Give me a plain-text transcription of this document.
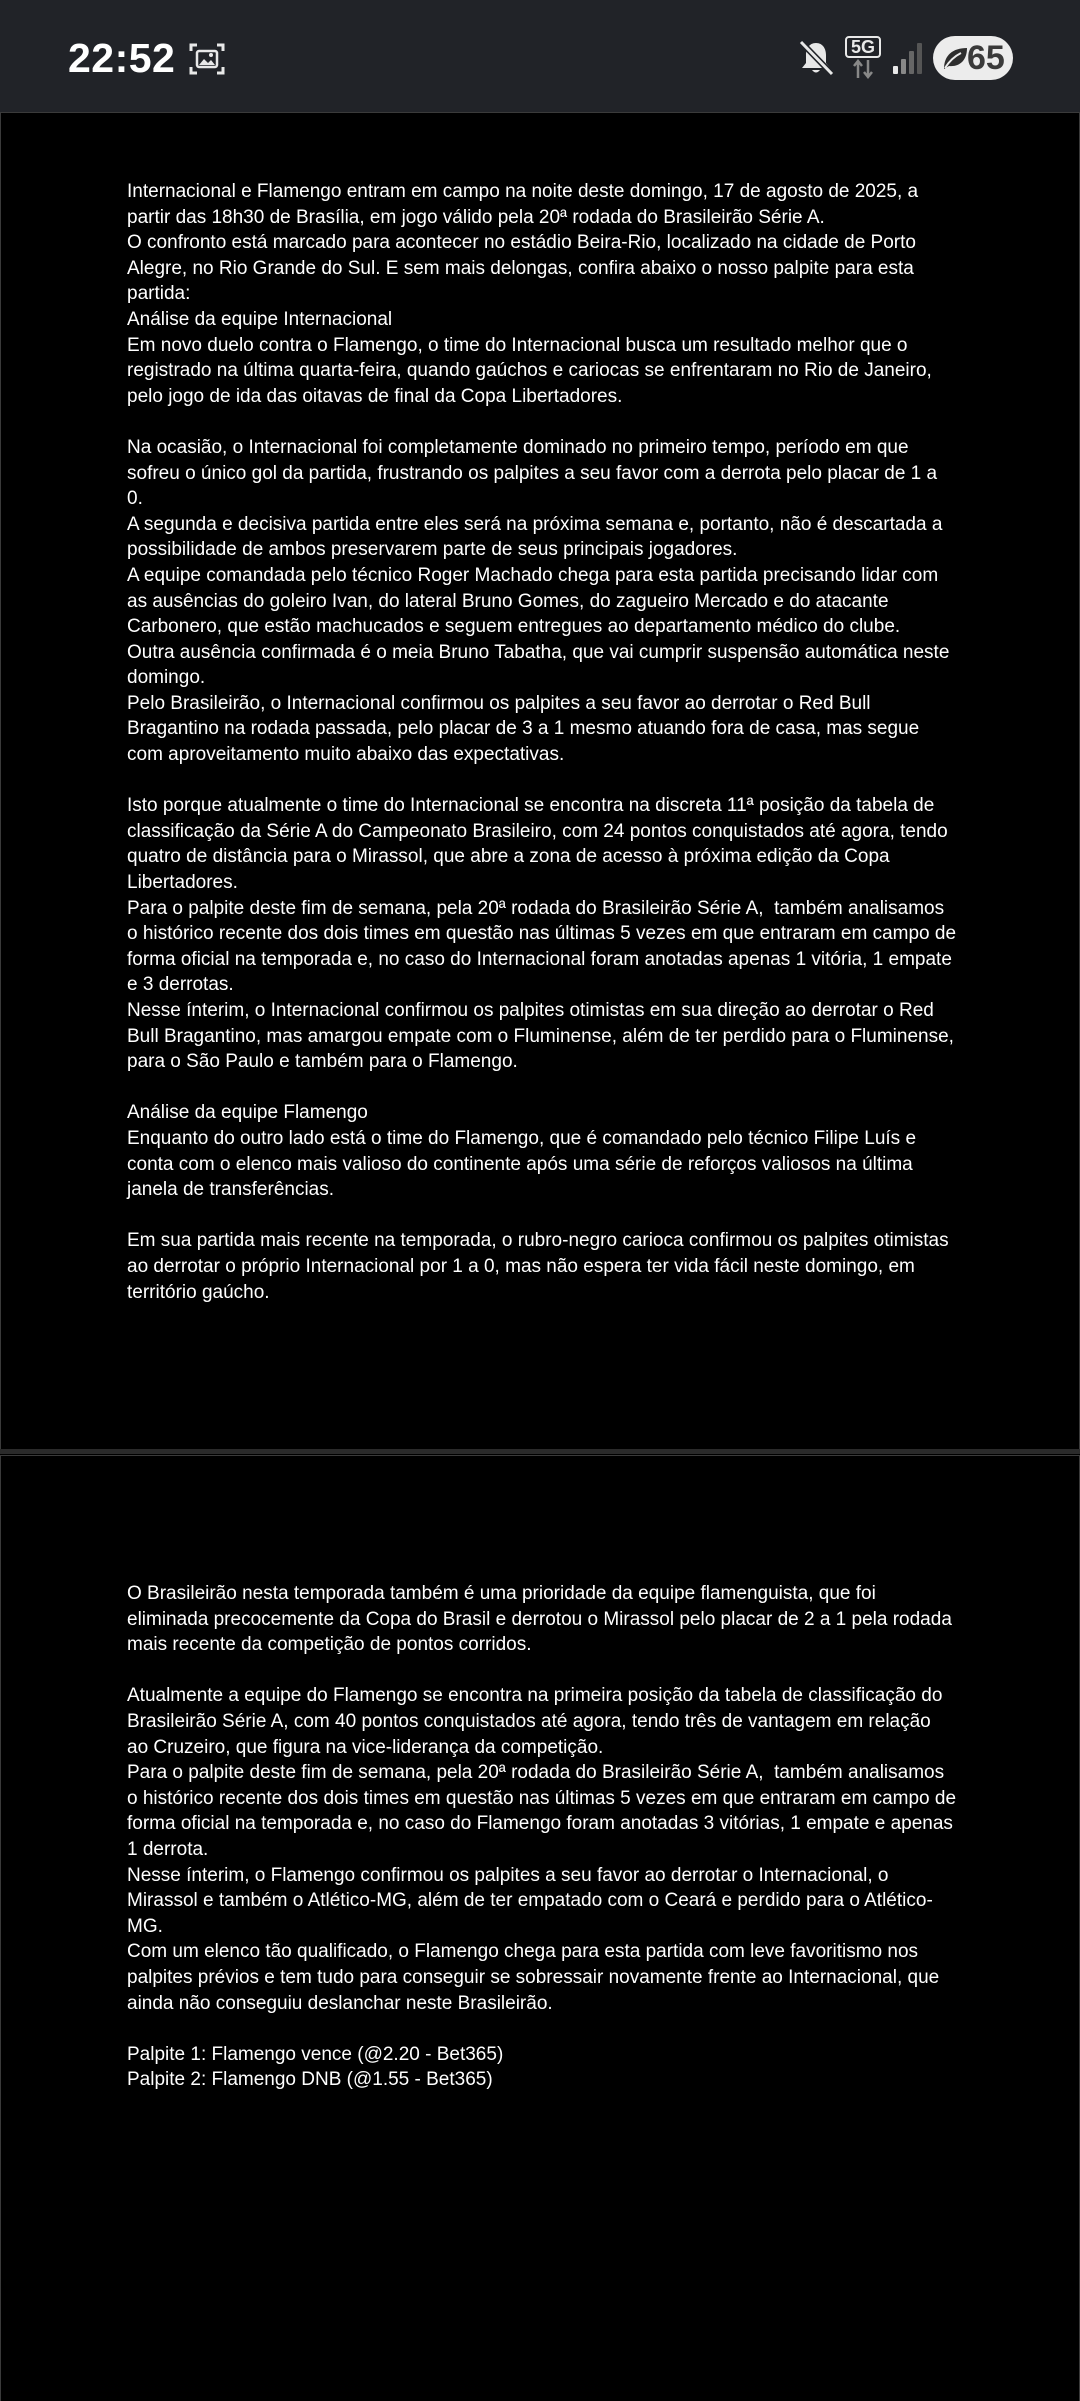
22:52	5G	65

Internacional e Flamengo entram em campo na noite deste domingo, 17 de agosto de 2025, a partir das 18h30 de Brasília, em jogo válido pela 20ª rodada do Brasileirão Série A.

O confronto está marcado para acontecer no estádio Beira-Rio, localizado na cidade de Porto Alegre, no Rio Grande do Sul. E sem mais delongas, confira abaixo o nosso palpite para esta partida:

Análise da equipe Internacional

Em novo duelo contra o Flamengo, o time do Internacional busca um resultado melhor que o registrado na última quarta-feira, quando gaúchos e cariocas se enfrentaram no Rio de Janeiro, pelo jogo de ida das oitavas de final da Copa Libertadores.

Na ocasião, o Internacional foi completamente dominado no primeiro tempo, período em que sofreu o único gol da partida, frustrando os palpites a seu favor com a derrota pelo placar de 1 a 0.

A segunda e decisiva partida entre eles será na próxima semana e, portanto, não é descartada a possibilidade de ambos preservarem parte de seus principais jogadores.

A equipe comandada pelo técnico Roger Machado chega para esta partida precisando lidar com as ausências do goleiro Ivan, do lateral Bruno Gomes, do zagueiro Mercado e do atacante Carbonero, que estão machucados e seguem entregues ao departamento médico do clube.

Outra ausência confirmada é o meia Bruno Tabatha, que vai cumprir suspensão automática neste domingo.

Pelo Brasileirão, o Internacional confirmou os palpites a seu favor ao derrotar o Red Bull Bragantino na rodada passada, pelo placar de 3 a 1 mesmo atuando fora de casa, mas segue com aproveitamento muito abaixo das expectativas.

Isto porque atualmente o time do Internacional se encontra na discreta 11ª posição da tabela de classificação da Série A do Campeonato Brasileiro, com 24 pontos conquistados até agora, tendo quatro de distância para o Mirassol, que abre a zona de acesso à próxima edição da Copa Libertadores.

Para o palpite deste fim de semana, pela 20ª rodada do Brasileirão Série A,  também analisamos o histórico recente dos dois times em questão nas últimas 5 vezes em que entraram em campo de forma oficial na temporada e, no caso do Internacional foram anotadas apenas 1 vitória, 1 empate e 3 derrotas.

Nesse ínterim, o Internacional confirmou os palpites otimistas em sua direção ao derrotar o Red Bull Bragantino, mas amargou empate com o Fluminense, além de ter perdido para o Fluminense, para o São Paulo e também para o Flamengo.

Análise da equipe Flamengo

Enquanto do outro lado está o time do Flamengo, que é comandado pelo técnico Filipe Luís e conta com o elenco mais valioso do continente após uma série de reforços valiosos na última janela de transferências.

Em sua partida mais recente na temporada, o rubro-negro carioca confirmou os palpites otimistas ao derrotar o próprio Internacional por 1 a 0, mas não espera ter vida fácil neste domingo, em território gaúcho.

O Brasileirão nesta temporada também é uma prioridade da equipe flamenguista, que foi eliminada precocemente da Copa do Brasil e derrotou o Mirassol pelo placar de 2 a 1 pela rodada mais recente da competição de pontos corridos.

Atualmente a equipe do Flamengo se encontra na primeira posição da tabela de classificação do Brasileirão Série A, com 40 pontos conquistados até agora, tendo três de vantagem em relação ao Cruzeiro, que figura na vice-liderança da competição.

Para o palpite deste fim de semana, pela 20ª rodada do Brasileirão Série A,  também analisamos o histórico recente dos dois times em questão nas últimas 5 vezes em que entraram em campo de forma oficial na temporada e, no caso do Flamengo foram anotadas 3 vitórias, 1 empate e apenas 1 derrota.

Nesse ínterim, o Flamengo confirmou os palpites a seu favor ao derrotar o Internacional, o Mirassol e também o Atlético-MG, além de ter empatado com o Ceará e perdido para o Atlético-MG.

Com um elenco tão qualificado, o Flamengo chega para esta partida com leve favoritismo nos palpites prévios e tem tudo para conseguir se sobressair novamente frente ao Internacional, que ainda não conseguiu deslanchar neste Brasileirão.

Palpite 1: Flamengo vence (@2.20 - Bet365)

Palpite 2: Flamengo DNB (@1.55 - Bet365)
